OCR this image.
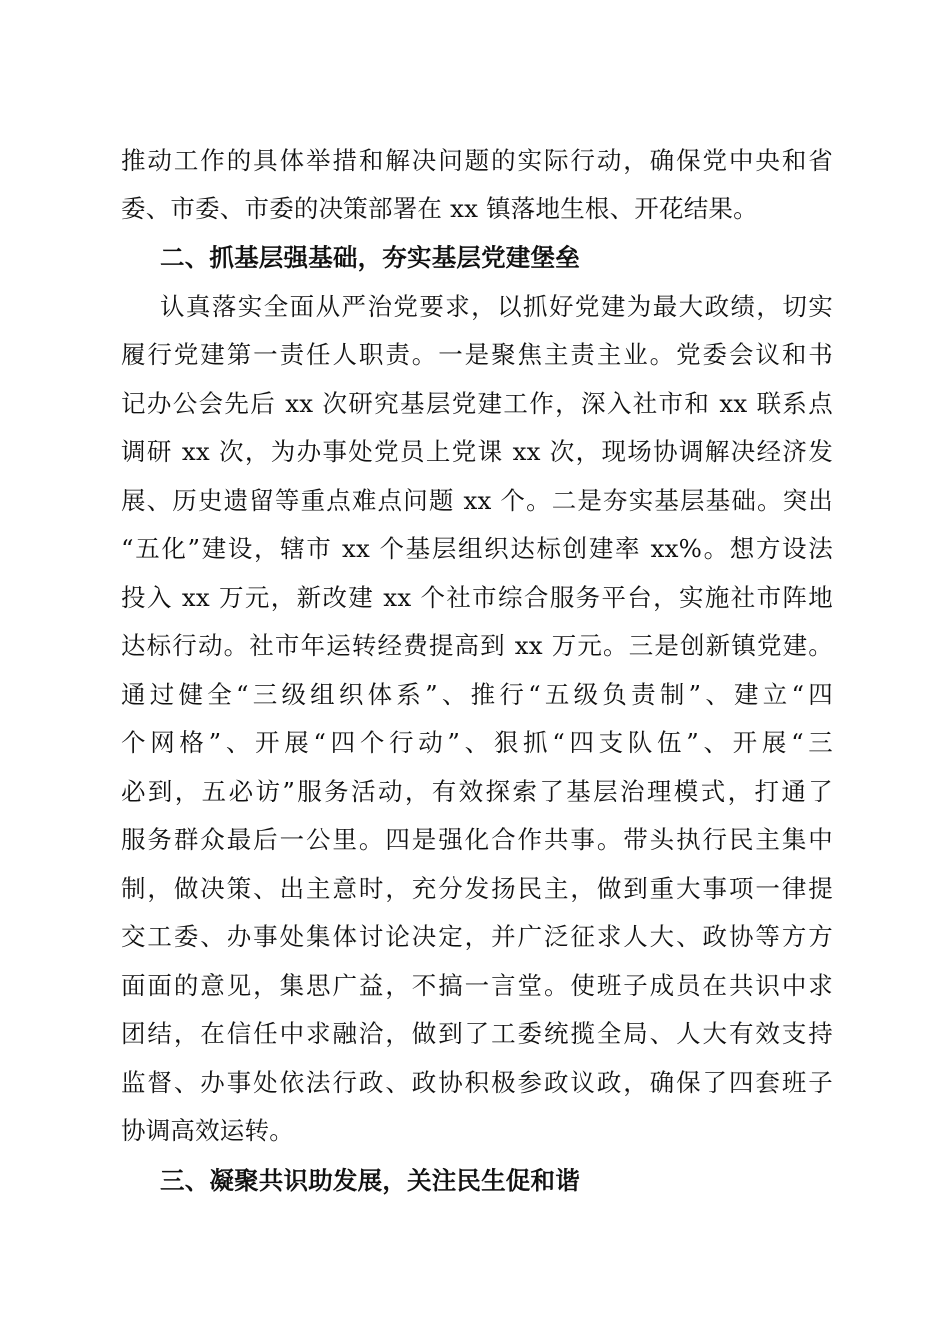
推动工作的具体举措和解决问题的实际行动，确保党中央和省
委、市委、市委的决策部署在 xx 镇落地生根、开花结果。
二、抓基层强基础，夯实基层党建堡垒
认真落实全面从严治党要求，以抓好党建为最大政绩，切实
履行党建第一责任人职责。一是聚焦主责主业。党委会议和书
记办公会先后 xx 次研究基层党建工作，深入社市和 xx 联系点
调研 xx 次，为办事处党员上党课 xx 次，现场协调解决经济发
展、历史遗留等重点难点问题 xx 个。二是夯实基层基础。突出
“五化”建设，辖市 xx 个基层组织达标创建率 xx%。想方设法
投入 xx 万元，新改建 xx 个社市综合服务平台，实施社市阵地
达标行动。社市年运转经费提高到 xx 万元。三是创新镇党建。
通过健全“三级组织体系”、推行“五级负责制”、建立“四
个网格”、开展“四个行动”、狠抓“四支队伍”、开展“三
必到，五必访”服务活动，有效探索了基层治理模式，打通了
服务群众最后一公里。四是强化合作共事。带头执行民主集中
制，做决策、出主意时，充分发扬民主，做到重大事项一律提
交工委、办事处集体讨论决定，并广泛征求人大、政协等方方
面面的意见，集思广益，不搞一言堂。使班子成员在共识中求
团结，在信任中求融洽，做到了工委统揽全局、人大有效支持
监督、办事处依法行政、政协积极参政议政，确保了四套班子
协调高效运转。
三、凝聚共识助发展，关注民生促和谐
